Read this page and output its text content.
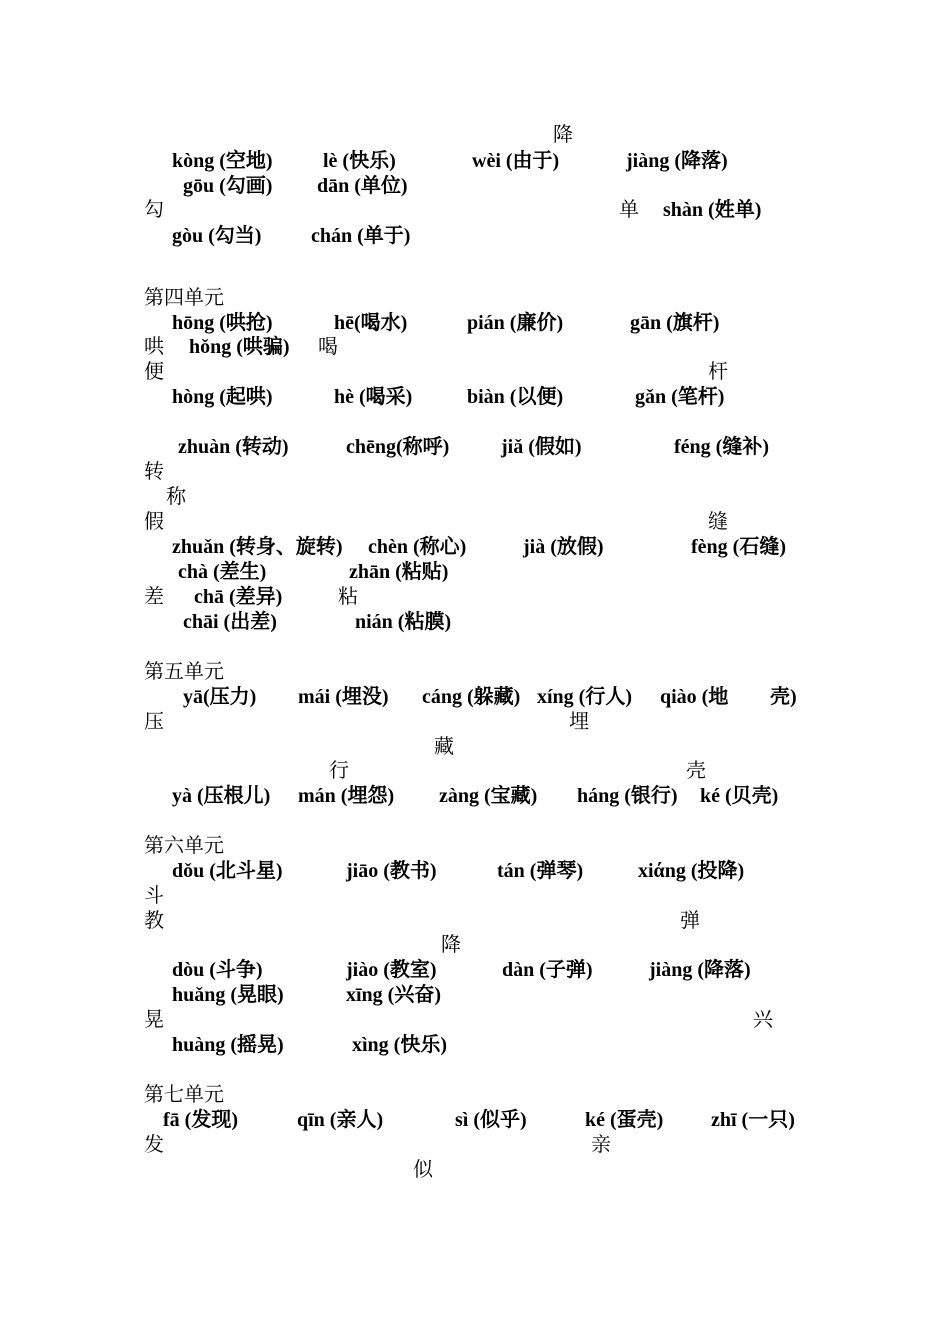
降
kòng (空地)	lè (快乐)	wèi (由于)	jiàng (降落)
gōu (勾画) dān (单位)
勾	单 shàn (姓单)
gòu (勾当) chán (单于)
第四单元
hōng (哄抢)	hē(喝水)	pián (廉价)	gān (旗杆)
哄 hǒng (哄骗) 喝
便	杆
hòng (起哄)	hè (喝采)	biàn (以便)	gǎn (笔杆)
zhuàn (转动)	chēng(称呼)	jiǎ (假如)	féng (缝补)
转
称
假	缝
zhuǎn (转身、旋转) chèn (称心)	jià (放假)	fèng (石缝)
chà (差生)	zhān (粘贴)
差 chā (差异)	粘
chāi (出差)	nián (粘膜)
第五单元
yā(压力) mái (埋没) cáng (躲藏) xíng (行人) qiào (地 壳)
压	埋
藏
行	壳
yà (压根儿) mán (埋怨) zàng (宝藏) háng (银行) ké (贝壳)
第六单元
dǒu (北斗星)	jiāo (教书)	tán (弹琴)	xiάng (投降)
斗
教	弹
降
dòu (斗争)	jiào (教室)	dàn (子弹)	jiàng (降落)
huǎng (晃眼)	xīng (兴奋)
晃	兴
huàng (摇晃)	xìng (快乐)
第七单元
fā (发现)	qīn (亲人)	sì (似乎)	ké (蛋壳) zhī (一只)
发	亲
似
